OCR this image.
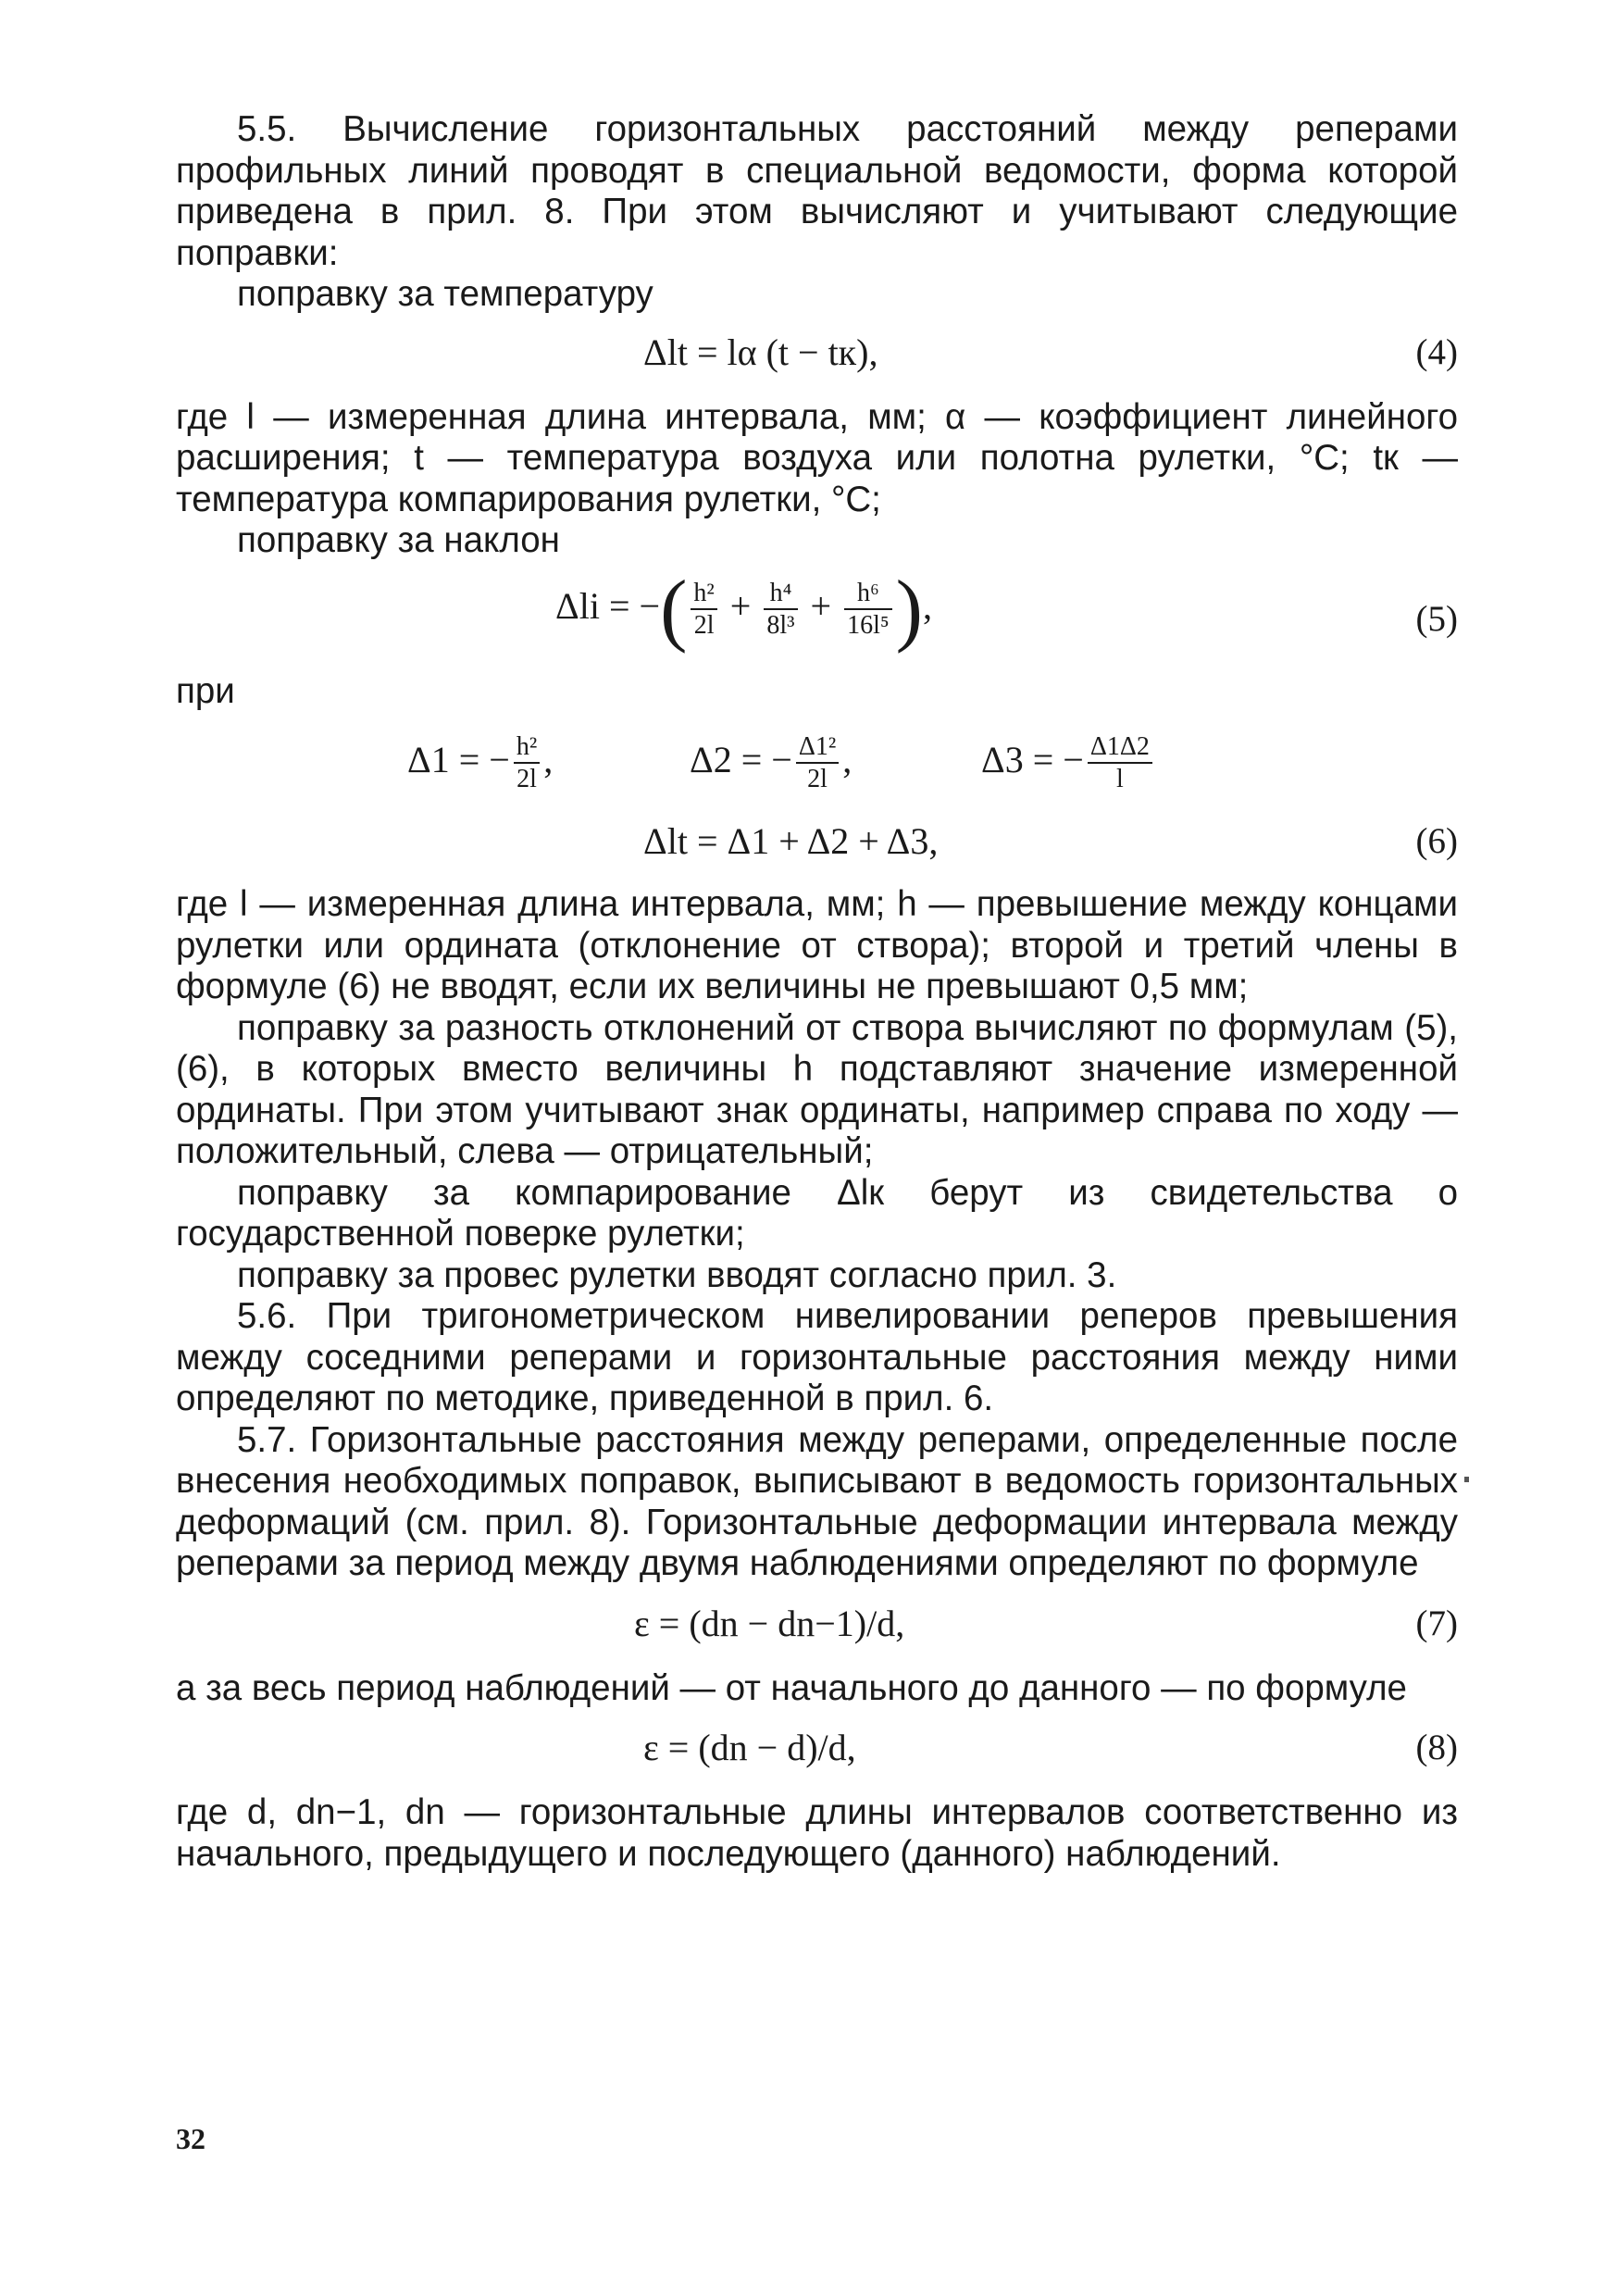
5.5. Вычисление горизонтальных расстояний между реперами профильных линий проводят в специальной ведомости, форма которой приведена в прил. 8. При этом вычисляют и учитывают следующие поправки:

поправку за температуру

Δlt = lα (t − tк),	(4)

где l — измеренная длина интервала, мм; α — коэффициент линейного расширения; t — температура воздуха или полотна рулетки, °С; tк — температура компарирования рулетки, °С;

поправку за наклон

Δli = −( $\frac{\text{h²}}{2l} + \frac{\text{h⁴}}{\text{8l³}} + \frac{\text{h⁶}}{\text{16l⁵}}$ ),	(5)

при

Δ1 = − $\frac{\text{h²}}{2l}$ ,	Δ2 = − $\frac{\text{Δ1²}}{2l}$ ,	Δ3 = − $\frac{\Delta 1\Delta 2}{l}$
Δlt = Δ1 + Δ2 + Δ3,	(6)

где l — измеренная длина интервала, мм; h — превышение между концами рулетки или ордината (отклонение от створа); второй и третий члены в формуле (6) не вводят, если их величины не превышают 0,5 мм;

поправку за разность отклонений от створа вычисляют по формулам (5), (6), в которых вместо величины h подставляют значение измеренной ординаты. При этом учитывают знак ординаты, например справа по ходу — положительный, слева — отрицательный;

поправку за компарирование Δlк берут из свидетельства о государственной поверке рулетки;

поправку за провес рулетки вводят согласно прил. 3.

5.6. При тригонометрическом нивелировании реперов превышения между соседними реперами и горизонтальные расстояния между ними определяют по методике, приведенной в прил. 6.

5.7. Горизонтальные расстояния между реперами, определенные после внесения необходимых поправок, выписывают в ведомость горизонтальных деформаций (см. прил. 8). Горизонтальные деформации интервала между реперами за период между двумя наблюдениями определяют по формуле

ε = (dn − dn−1)/d,	(7)

а за весь период наблюдений — от начального до данного — по формуле

ε = (dn − d)/d,	(8)

где d, dn−1, dn — горизонтальные длины интервалов соответственно из начального, предыдущего и последующего (данного) наблюдений.

32
